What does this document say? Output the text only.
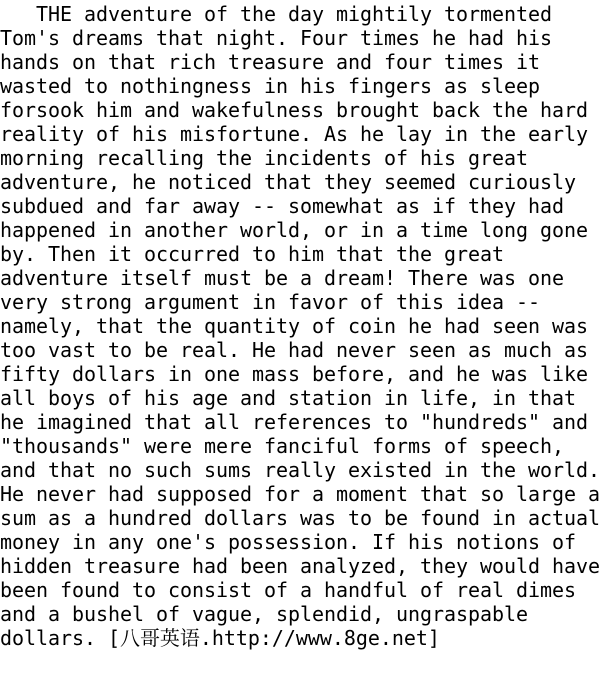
THE adventure of the day mightily tormented
Tom's dreams that night. Four times he had his
hands on that rich treasure and four times it
wasted to nothingness in his fingers as sleep
forsook him and wakefulness brought back the hard
reality of his misfortune. As he lay in the early
morning recalling the incidents of his great
adventure, he noticed that they seemed curiously
subdued and far away -- somewhat as if they had
happened in another world, or in a time long gone
by. Then it occurred to him that the great
adventure itself must be a dream! There was one
very strong argument in favor of this idea --
namely, that the quantity of coin he had seen was
too vast to be real. He had never seen as much as
fifty dollars in one mass before, and he was like
all boys of his age and station in life, in that
he imagined that all references to "hundreds" and
"thousands" were mere fanciful forms of speech,
and that no such sums really existed in the world.
He never had supposed for a moment that so large a
sum as a hundred dollars was to be found in actual
money in any one's possession. If his notions of
hidden treasure had been analyzed, they would have
been found to consist of a handful of real dimes
and a bushel of vague, splendid, ungraspable
dollars. [八哥英语.http://www.8ge.net]
